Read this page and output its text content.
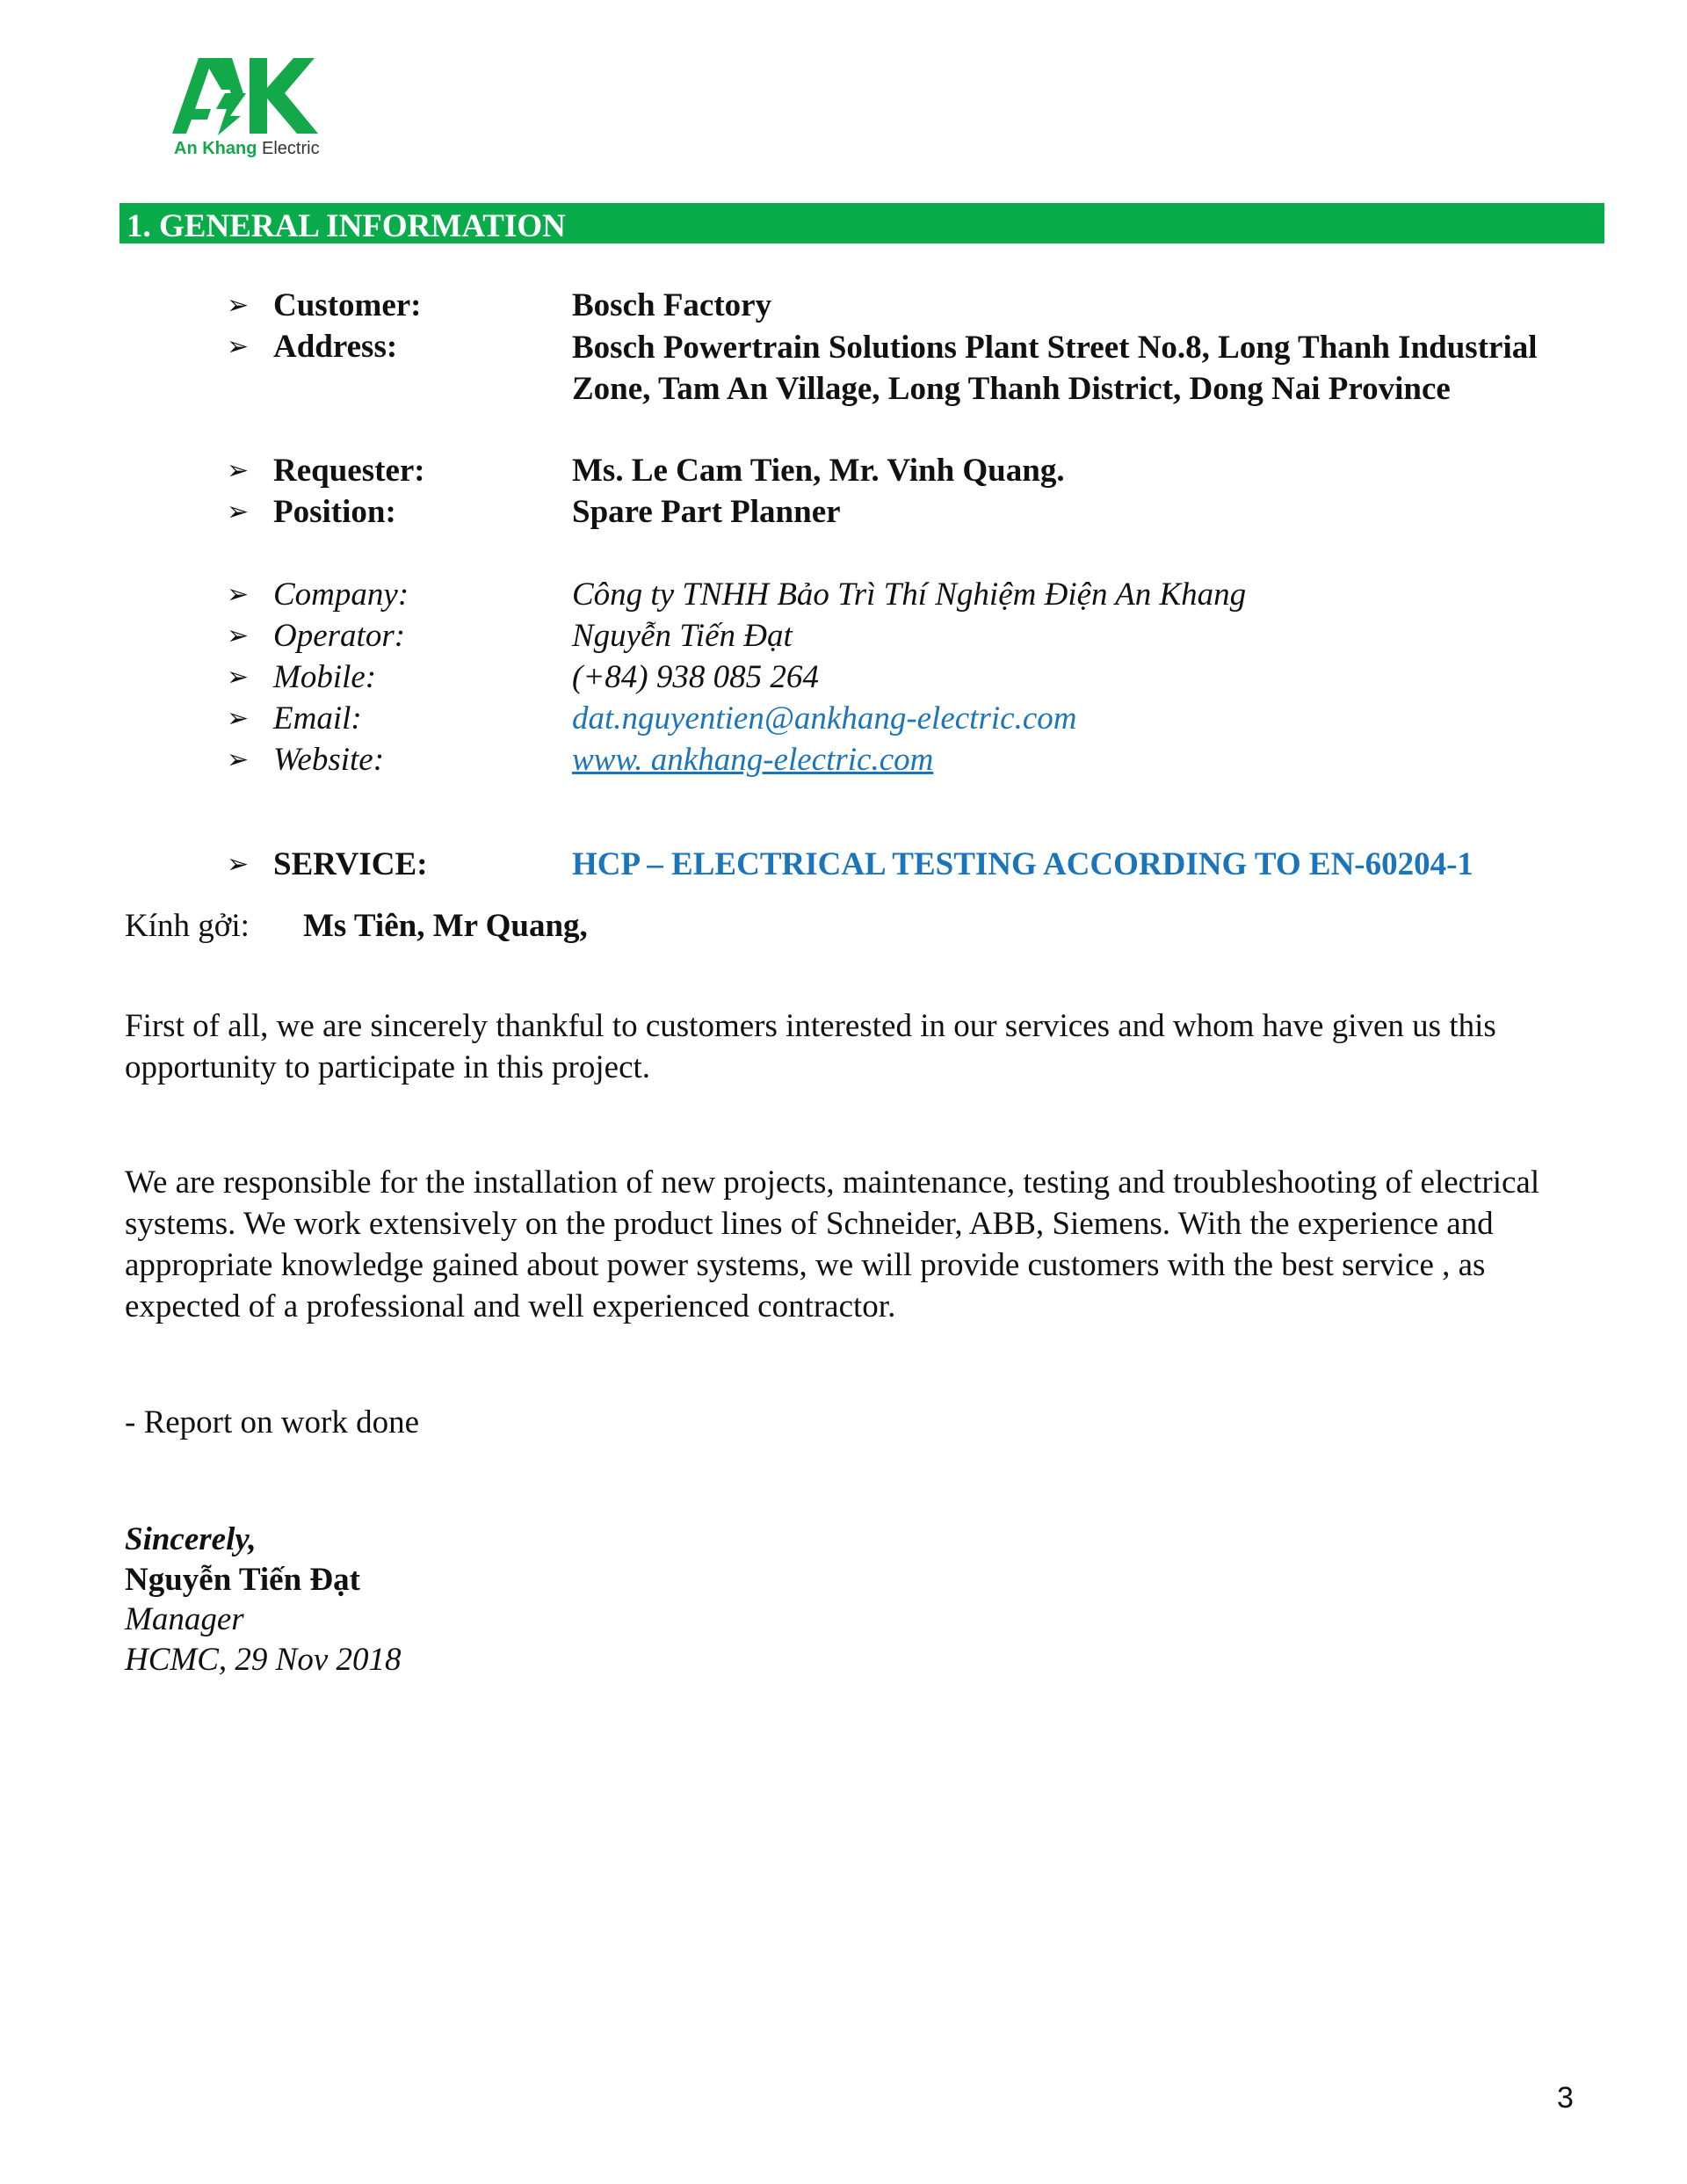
An Khang Electric
1. GENERAL INFORMATION
➢ Customer:	Bosch Factory
➢ Address:	Bosch Powertrain Solutions Plant Street No.8, Long Thanh Industrial Zone, Tam An Village, Long Thanh District, Dong Nai Province
➢ Requester:	Ms. Le Cam Tien, Mr. Vinh Quang.
➢ Position:	Spare Part Planner
➢ Company:	Công ty TNHH Bảo Trì Thí Nghiệm Điện An Khang
➢ Operator:	Nguyễn Tiến Đạt
➢ Mobile:	(+84) 938 085 264
➢ Email:	dat.nguyentien@ankhang-electric.com
➢ Website:	www. ankhang-electric.com
➢ SERVICE:	HCP – ELECTRICAL TESTING ACCORDING TO EN-60204-1
Kính gởi: Ms Tiên, Mr Quang,
First of all, we are sincerely thankful to customers interested in our services and whom have given us this opportunity to participate in this project.
We are responsible for the installation of new projects, maintenance, testing and troubleshooting of electrical systems. We work extensively on the product lines of Schneider, ABB, Siemens. With the experience and appropriate knowledge gained about power systems, we will provide customers with the best service , as expected of a professional and well experienced contractor.
- Report on work done
Sincerely,
Nguyễn Tiến Đạt
Manager
HCMC, 29 Nov 2018
3
